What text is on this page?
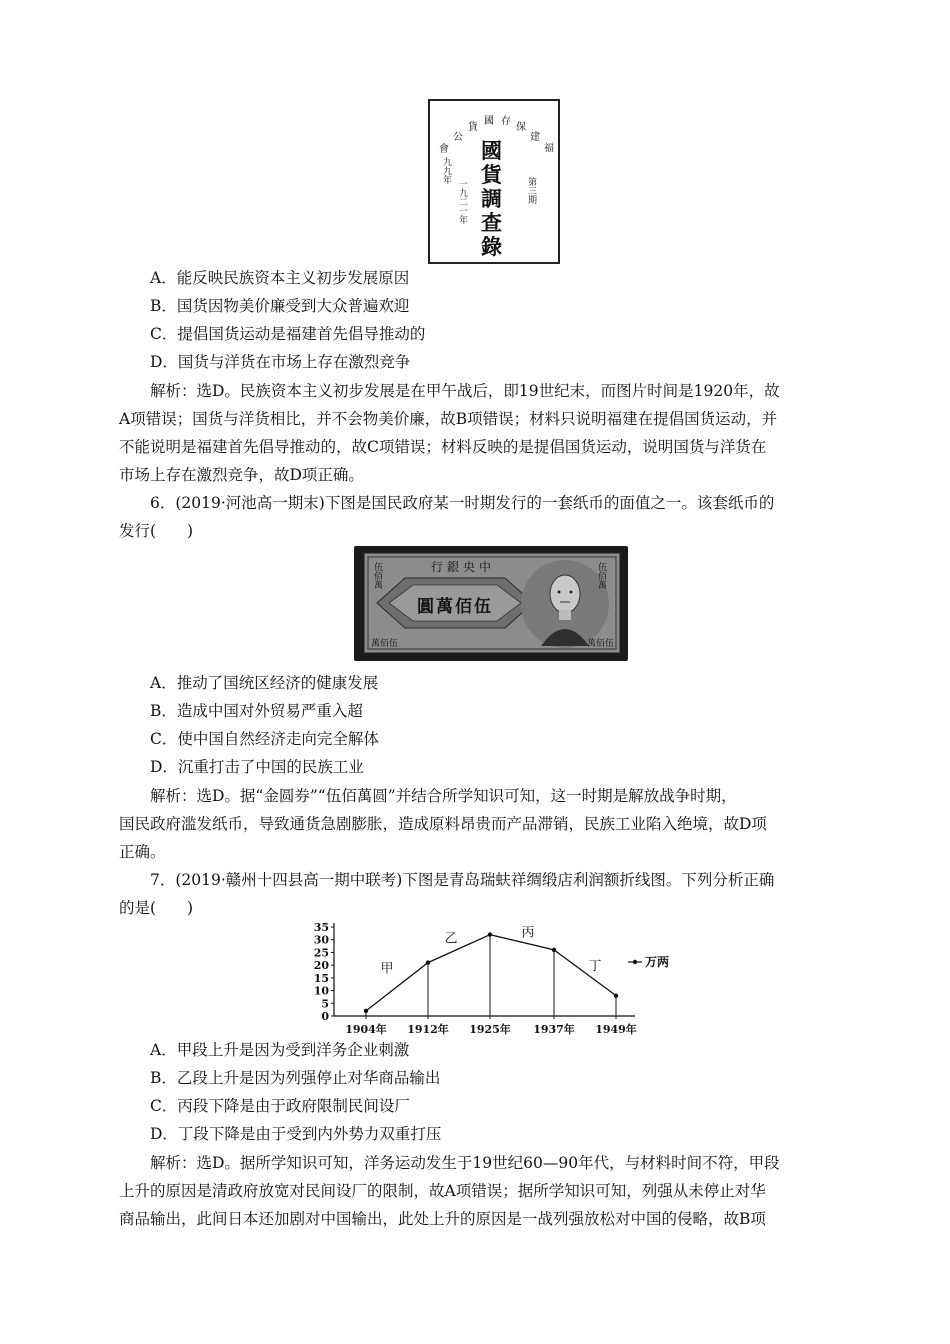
福
建
保
存
國
貨
公
會 國
貨
調
查
錄
第三期
九九年
一九二一年
A．能反映民族资本主义初步发展原因
B．国货因物美价廉受到大众普遍欢迎
C．提倡国货运动是福建首先倡导推动的
D．国货与洋货在市场上存在激烈竞争
解析：选D。民族资本主义初步发展是在甲午战后，即19世纪末，而图片时间是1920年，故
A项错误；国货与洋货相比，并不会物美价廉，故B项错误；材料只说明福建在提倡国货运动，并
不能说明是福建首先倡导推动的，故C项错误；材料反映的是提倡国货运动，说明国货与洋货在
市场上存在激烈竞争，故D项正确。
6．(2019·河池高一期末)下图是国民政府某一时期发行的一套纸币的面值之一。该套纸币的
发行(　　)
行銀央中
圓萬佰伍
伍佰萬	伍佰萬
萬佰伍	萬佰伍
A．推动了国统区经济的健康发展
B．造成中国对外贸易严重入超
C．使中国自然经济走向完全解体
D．沉重打击了中国的民族工业
解析：选D。据“金圆券”“伍佰萬圆”并结合所学知识可知，这一时期是解放战争时期，
国民政府滥发纸币，导致通货急剧膨胀，造成原料昂贵而产品滞销，民族工业陷入绝境，故D项
正确。
7．(2019·赣州十四县高一期中联考)下图是青岛瑞蚨祥绸缎店利润额折线图。下列分析正确
的是(　　)
0
5
10
15
20
25
30
35
1904年 1912年 1925年 1937年 1949年
甲
乙	丙
丁	万两
A．甲段上升是因为受到洋务企业刺激
B．乙段上升是因为列强停止对华商品输出
C．丙段下降是由于政府限制民间设厂
D．丁段下降是由于受到内外势力双重打压
解析：选D。据所学知识可知，洋务运动发生于19世纪60—90年代，与材料时间不符，甲段
上升的原因是清政府放宽对民间设厂的限制，故A项错误；据所学知识可知，列强从未停止对华
商品输出，此间日本还加剧对中国输出，此处上升的原因是一战列强放松对中国的侵略，故B项
